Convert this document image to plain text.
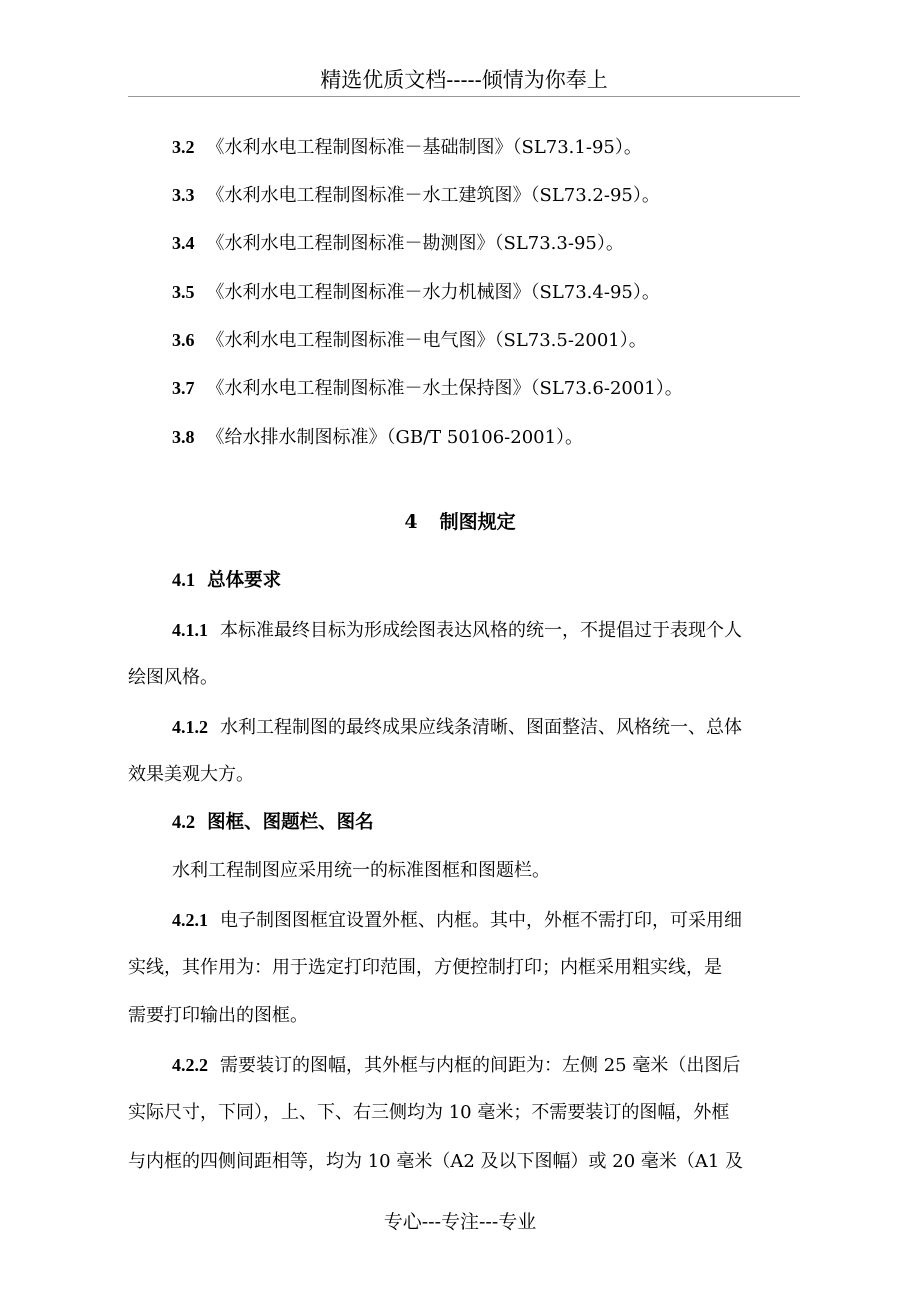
精选优质文档-----倾情为你奉上
3.2 《水利水电工程制图标准－基础制图》（SL73.1-95）。
3.3 《水利水电工程制图标准－水工建筑图》（SL73.2-95）。
3.4 《水利水电工程制图标准－勘测图》（SL73.3-95）。
3.5 《水利水电工程制图标准－水力机械图》（SL73.4-95）。
3.6 《水利水电工程制图标准－电气图》（SL73.5-2001）。
3.7 《水利水电工程制图标准－水土保持图》（SL73.6-2001）。
3.8 《给水排水制图标准》（GB/T 50106-2001）。
4 制图规定
4.1 总体要求
4.1.1 本标准最终目标为形成绘图表达风格的统一，不提倡过于表现个人
绘图风格。
4.1.2 水利工程制图的最终成果应线条清晰、图面整洁、风格统一、总体
效果美观大方。
4.2 图框、图题栏、图名
水利工程制图应采用统一的标准图框和图题栏。
4.2.1 电子制图图框宜设置外框、内框。其中，外框不需打印，可采用细
实线，其作用为：用于选定打印范围，方便控制打印；内框采用粗实线，是
需要打印输出的图框。
4.2.2 需要装订的图幅，其外框与内框的间距为：左侧 25 毫米（出图后
实际尺寸，下同），上、下、右三侧均为 10 毫米；不需要装订的图幅，外框
与内框的四侧间距相等，均为 10 毫米（A2 及以下图幅）或 20 毫米（A1 及
专心---专注---专业
